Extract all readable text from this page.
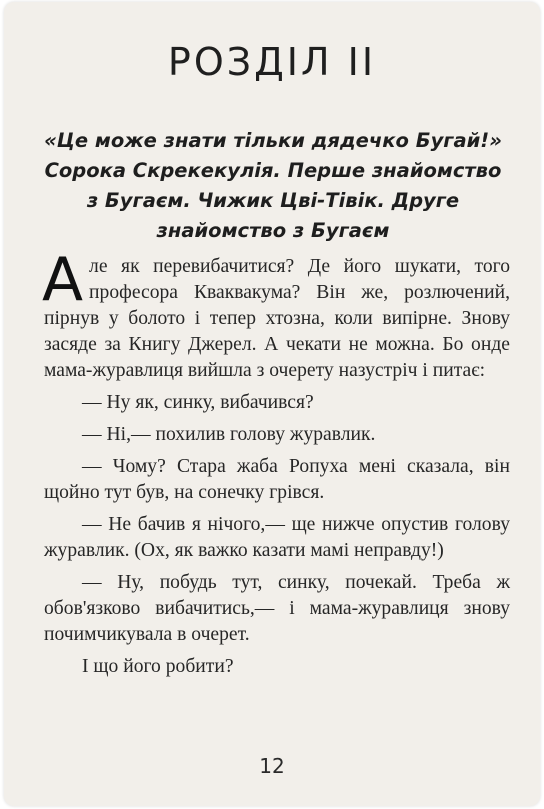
РОЗДІЛ II
«Це може знати тільки дядечко Бугай!» Сорока Скрекекулія. Перше знайомство з Бугаєм. Чижик Цві-Тівік. Друге знайомство з Бугаєм

Але як перевибачитися? Де його шукати, того професора Кваквакума? Він же, розлючений, пірнув у болото і тепер хтозна, коли випірне. Знову засяде за Книгу Джерел. А чекати не можна. Бо онде мама-журавлиця вийшла з очерету назустріч і питає:

— Ну як, синку, вибачився?

— Ні,— похилив голову журавлик.

— Чому? Стара жаба Ропуха мені сказала, він щойно тут був, на сонечку грівся.

— Не бачив я нічого,— ще нижче опустив голову журавлик. (Ох, як важко казати мамі неправду!)

— Ну, побудь тут, синку, почекай. Треба ж обов'язково вибачитись,— і мама-журавлиця знову почимчикувала в очерет.

І що його робити?

12
